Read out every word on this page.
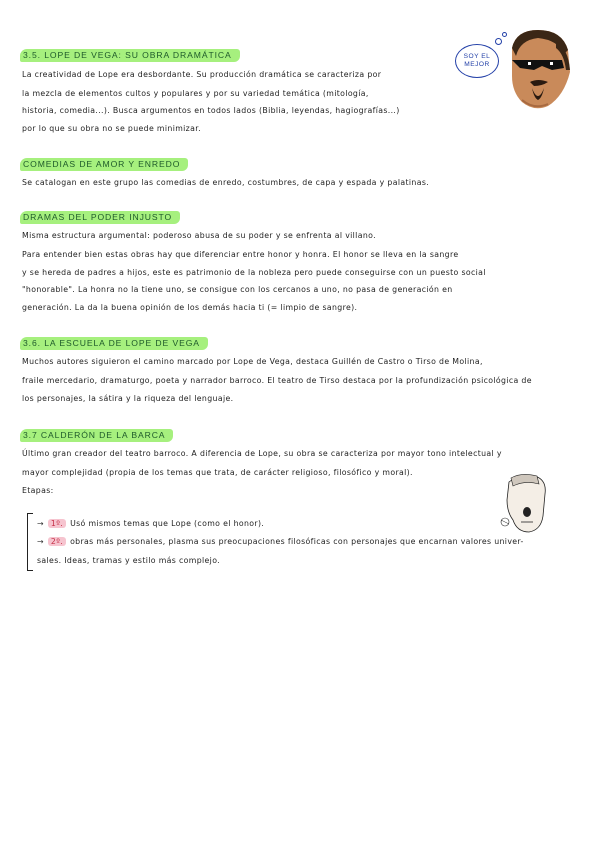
3.5. LOPE DE VEGA: SU OBRA DRAMÁTICA
La creatividad de Lope era desbordante. Su producción dramática se caracteriza por
la mezcla de elementos cultos y populares y por su variedad temática (mitología,
historia, comedia...). Busca argumentos en todos lados (Biblia, leyendas, hagiografías...)
por lo que su obra no se puede minimizar.
COMEDIAS DE AMOR Y ENREDO
Se catalogan en este grupo las comedias de enredo, costumbres, de capa y espada y palatinas.
DRAMAS DEL PODER INJUSTO
Misma estructura argumental: poderoso abusa de su poder y se enfrenta al villano.
Para entender bien estas obras hay que diferenciar entre honor y honra. El honor se lleva en la sangre
y se hereda de padres a hijos, este es patrimonio de la nobleza pero puede conseguirse con un puesto social
"honorable". La honra no la tiene uno, se consigue con los cercanos a uno, no pasa de generación en
generación. La da la buena opinión de los demás hacia ti (= limpio de sangre).
3.6. LA ESCUELA DE LOPE DE VEGA
Muchos autores siguieron el camino marcado por Lope de Vega, destaca Guillén de Castro o Tirso de Molina,
fraile mercedario, dramaturgo, poeta y narrador barroco. El teatro de Tirso destaca por la profundización psicológica de
los personajes, la sátira y la riqueza del lenguaje.
3.7 CALDERÓN DE LA BARCA
Último gran creador del teatro barroco. A diferencia de Lope, su obra se caracteriza por mayor tono intelectual y
mayor complejidad (propia de los temas que trata, de carácter religioso, filosófico y moral).
Etapas:
→ 1º. Usó mismos temas que Lope (como el honor).
→ 2º. obras más personales, plasma sus preocupaciones filosóficas con personajes que encarnan valores univer-
sales. Ideas, tramas y estilo más complejo.
SOY EL
MEJOR
